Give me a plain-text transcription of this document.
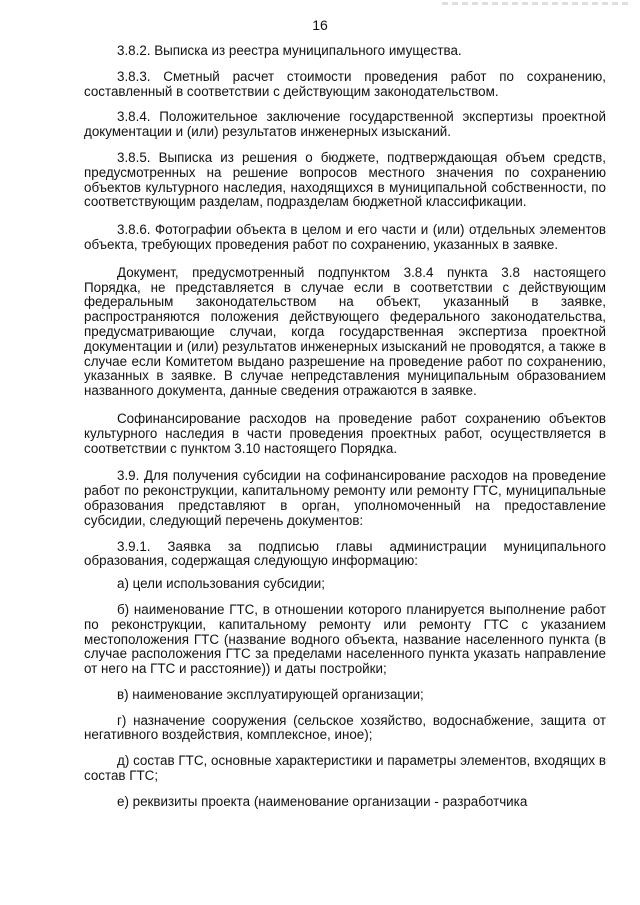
16

3.8.2. Выписка из реестра муниципального имущества.

3.8.3. Сметный расчет стоимости проведения работ по сохранению, составленный в соответствии с действующим законодательством.

3.8.4. Положительное заключение государственной экспертизы проектной документации и (или) результатов инженерных изысканий.

3.8.5. Выписка из решения о бюджете, подтверждающая объем средств, предусмотренных на решение вопросов местного значения по сохранению объектов культурного наследия, находящихся в муниципальной собственности, по соответствующим разделам, подразделам бюджетной классификации.

3.8.6. Фотографии объекта в целом и его части и (или) отдельных элементов объекта, требующих проведения работ по сохранению, указанных в заявке.

Документ, предусмотренный подпунктом 3.8.4 пункта 3.8 настоящего Порядка, не представляется в случае если в соответствии с действующим федеральным законодательством на объект, указанный в заявке, распространяются положения действующего федерального законодательства, предусматривающие случаи, когда государственная экспертиза проектной документации и (или) результатов инженерных изысканий не проводятся, а также в случае если Комитетом выдано разрешение на проведение работ по сохранению, указанных в заявке. В случае непредставления муниципальным образованием названного документа, данные сведения отражаются в заявке.

Софинансирование расходов на проведение работ сохранению объектов культурного наследия в части проведения проектных работ, осуществляется в соответствии с пунктом 3.10 настоящего Порядка.

3.9. Для получения субсидии на софинансирование расходов на проведение работ по реконструкции, капитальному ремонту или ремонту ГТС, муниципальные образования представляют в орган, уполномоченный на предоставление субсидии, следующий перечень документов:

3.9.1. Заявка за подписью главы администрации муниципального образования, содержащая следующую информацию:

а) цели использования субсидии;

б) наименование ГТС, в отношении которого планируется выполнение работ по реконструкции, капитальному ремонту или ремонту ГТС с указанием местоположения ГТС (название водного объекта, название населенного пункта (в случае расположения ГТС за пределами населенного пункта указать направление от него на ГТС и расстояние)) и даты постройки;

в) наименование эксплуатирующей организации;

г) назначение сооружения (сельское хозяйство, водоснабжение, защита от негативного воздействия, комплексное, иное);

д) состав ГТС, основные характеристики и параметры элементов, входящих в состав ГТС;

е) реквизиты проекта (наименование организации - разработчика
